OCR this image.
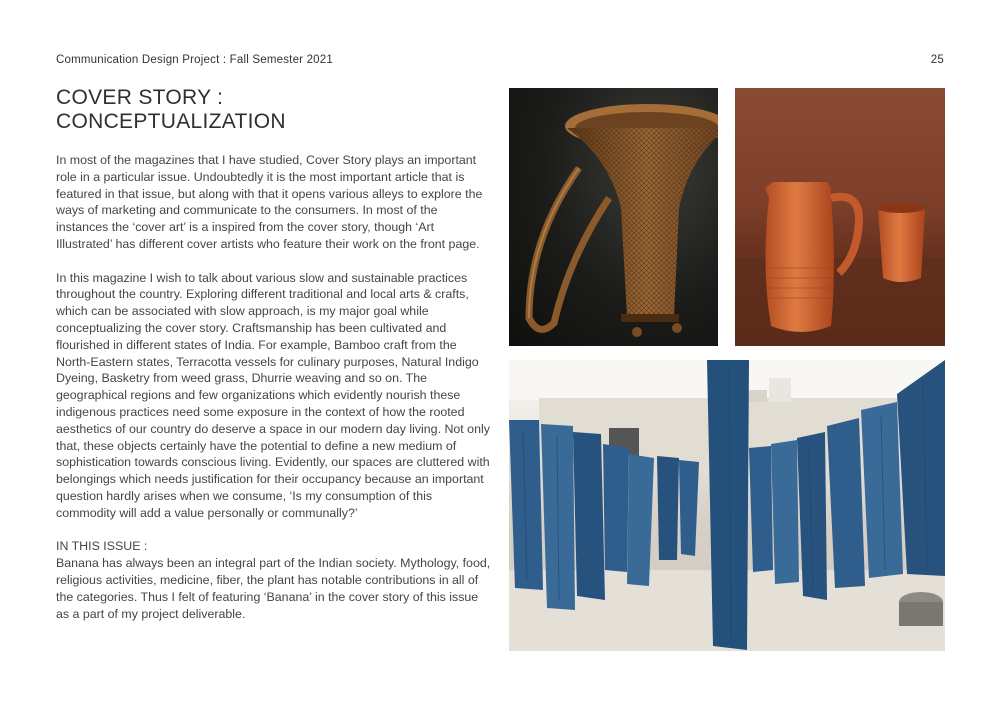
Communication Design Project : Fall Semester 2021	25
COVER STORY :
CONCEPTUALIZATION

In most of the magazines that I have studied, Cover Story plays an important role in a particular issue. Undoubtedly it is the most important article that is featured in that issue, but along with that it opens various alleys to explore the ways of marketing and communicate to the consumers. In most of the instances the ‘cover art’ is a inspired from the cover story, though ‘Art Illustrated’ has different cover artists who feature their work on the front page.

In this magazine I wish to talk about various slow and sustainable practices throughout the country. Exploring different traditional and local arts & crafts, which can be associated with slow approach, is my major goal while conceptualizing the cover story. Craftsmanship has been cultivated and flourished in different states of India. For example, Bamboo craft from the North-Eastern states, Terracotta vessels for culinary purposes, Natural Indigo Dyeing, Basketry from weed grass, Dhurrie weaving and so on. The geographical regions and few organizations which evidently nourish these indigenous practices need some exposure in the context of how the rooted aesthetics of our country do deserve a space in our modern day living. Not only that, these objects certainly have the potential to define a new medium of sophistication towards conscious living. Evidently, our spaces are cluttered with belongings which needs justification for their occupancy because an important question hardly arises when we consume, ‘Is my consumption of this commodity will add a value personally or communally?’

IN THIS ISSUE :

Banana has always been an integral part of the Indian society. Mythology, food, religious activities, medicine, fiber, the plant has notable contributions in all of the categories. Thus I felt of featuring ‘Banana’ in the cover story of this issue as a part of my project deliverable.
